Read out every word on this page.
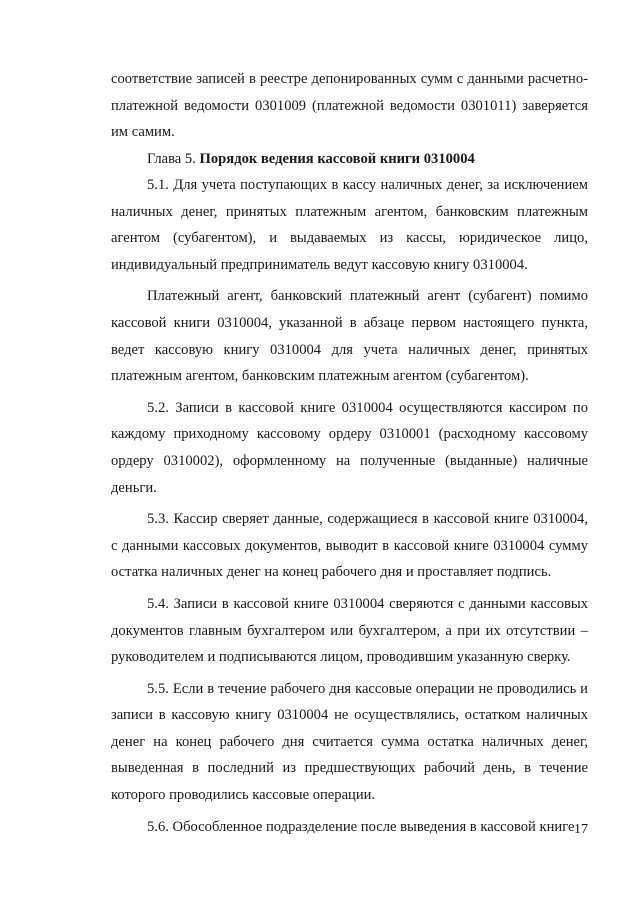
соответствие записей в реестре депонированных сумм с данными расчетно-платежной ведомости 0301009 (платежной ведомости 0301011) заверяется им самим.

Глава 5. Порядок ведения кассовой книги 0310004

5.1. Для учета поступающих в кассу наличных денег, за исключением наличных денег, принятых платежным агентом, банковским платежным агентом (субагентом), и выдаваемых из кассы, юридическое лицо, индивидуальный предприниматель ведут кассовую книгу 0310004.

Платежный агент, банковский платежный агент (субагент) помимо кассовой книги 0310004, указанной в абзаце первом настоящего пункта, ведет кассовую книгу 0310004 для учета наличных денег, принятых платежным агентом, банковским платежным агентом (субагентом).

5.2. Записи в кассовой книге 0310004 осуществляются кассиром по каждому приходному кассовому ордеру 0310001 (расходному кассовому ордеру 0310002), оформленному на полученные (выданные) наличные деньги.

5.3. Кассир сверяет данные, содержащиеся в кассовой книге 0310004, с данными кассовых документов, выводит в кассовой книге 0310004 сумму остатка наличных денег на конец рабочего дня и проставляет подпись.

5.4. Записи в кассовой книге 0310004 сверяются с данными кассовых документов главным бухгалтером или бухгалтером, а при их отсутствии – руководителем и подписываются лицом, проводившим указанную сверку.

5.5. Если в течение рабочего дня кассовые операции не проводились и записи в кассовую книгу 0310004 не осуществлялись, остатком наличных денег на конец рабочего дня считается сумма остатка наличных денег, выведенная в последний из предшествующих рабочий день, в течение которого проводились кассовые операции.

5.6. Обособленное подразделение после выведения в кассовой книге 17
